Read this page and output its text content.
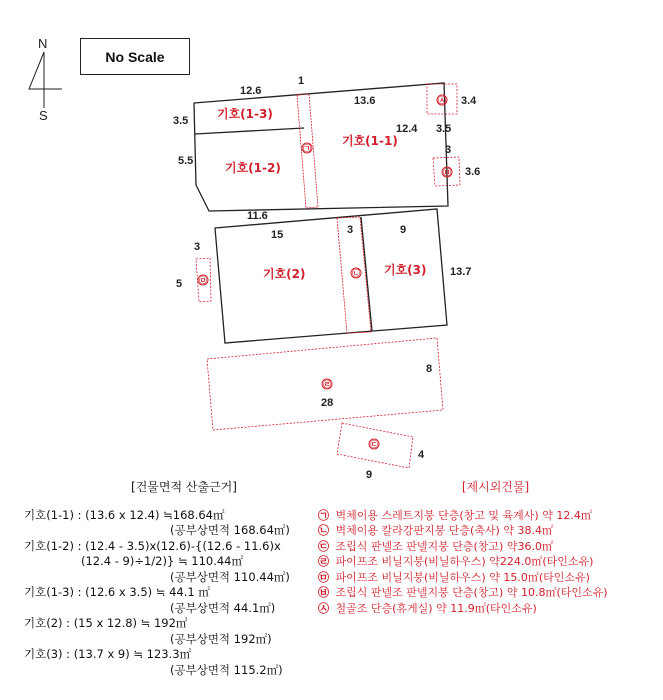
N
S	기호(1-3)
기호(1-2)
기호(1-1)
기호(2)	기호(3)
㉠
㉡
㉢
㉣
㉤
㉥
㉦
12.6
1
13.6
12.4
3.5
5.5
11.6
3.4
3.5
3
3.6
15	3	9
13.7
3
5
8
28
4
9
No Scale
[건물면적 산출근거]
기호(1-1) : (13.6 x 12.4) ≒168.64㎡
(공부상면적 168.64㎡)
기호(1-2) : (12.4 - 3.5)x(12.6)-{(12.6 - 11.6)x
(12.4 - 9)÷1/2)} ≒ 110.44㎡
(공부상면적 110.44㎡)
기호(1-3) : (12.6 x 3.5) ≒ 44.1 ㎡
(공부상면적 44.1㎡)
기호(2) : (15 x 12.8) ≒ 192㎡
(공부상면적 192㎡)
기호(3) : (13.7 x 9) ≒ 123.3㎡
(공부상면적 115.2㎡)
[제시외건물]
㉠ 벽체이용 스레트지붕 단층(창고 및 육계사) 약 12.4㎡
㉡ 벽체이용 칼라강판지붕 단층(축사) 약 38.4㎡
㉢ 조립식 판넬조 판넬지붕 단층(창고) 약36.0㎡
㉣ 파이프조 비닐지붕(비닐하우스) 약224.0㎡(타인소유)
㉤ 파이프조 비닐지붕(비닐하우스) 약 15.0㎡(타인소유)
㉥ 조립식 판넬조 판넬지붕 단층(창고) 약 10.8㎡(타인소유)
㉦ 철골조 단층(휴게실) 약 11.9㎡(타인소유)
